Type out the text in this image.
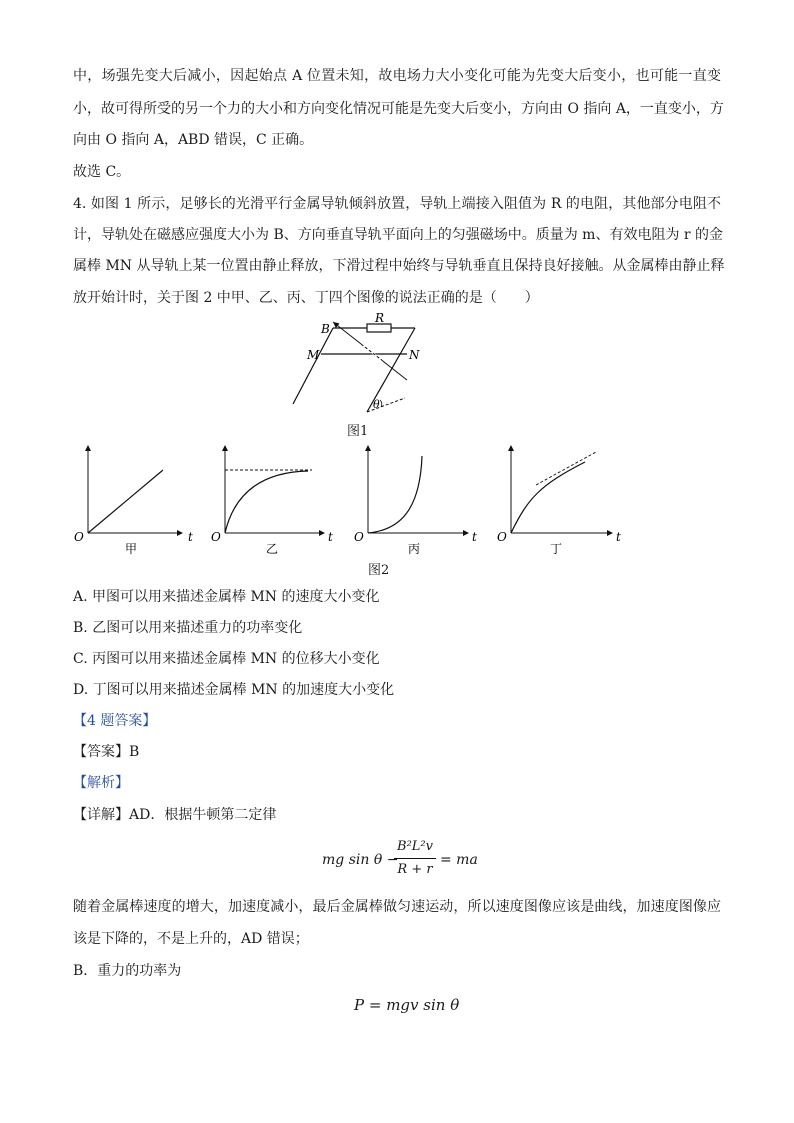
中，场强先变大后减小，因起始点 A 位置未知，故电场力大小变化可能为先变大后变小，也可能一直变
小，故可得所受的另一个力的大小和方向变化情况可能是先变大后变小，方向由 O 指向 A，一直变小，方
向由 O 指向 A，ABD 错误，C 正确。
故选 C。
4. 如图 1 所示，足够长的光滑平行金属导轨倾斜放置，导轨上端接入阻值为 R 的电阻，其他部分电阻不
计，导轨处在磁感应强度大小为 B、方向垂直导轨平面向上的匀强磁场中。质量为 m、有效电阻为 r 的金
属棒 MN 从导轨上某一位置由静止释放，下滑过程中始终与导轨垂直且保持良好接触。从金属棒由静止释
放开始计时，关于图 2 中甲、乙、丙、丁四个图像的说法正确的是（　　）
B
R
M	N
θ
图1
O	t
甲
O	t
乙
O	t
丙
O	t
丁
图2
A. 甲图可以用来描述金属棒 MN 的速度大小变化
B. 乙图可以用来描述重力的功率变化
C. 丙图可以用来描述金属棒 MN 的位移大小变化
D. 丁图可以用来描述金属棒 MN 的加速度大小变化
【4 题答案】
【答案】B
【解析】
【详解】AD．根据牛顿第二定律
mg sin θ −
B²L²v
R + r
= ma
随着金属棒速度的增大，加速度减小，最后金属棒做匀速运动，所以速度图像应该是曲线，加速度图像应
该是下降的，不是上升的，AD 错误；
B．重力的功率为
P = mgv sin θ
